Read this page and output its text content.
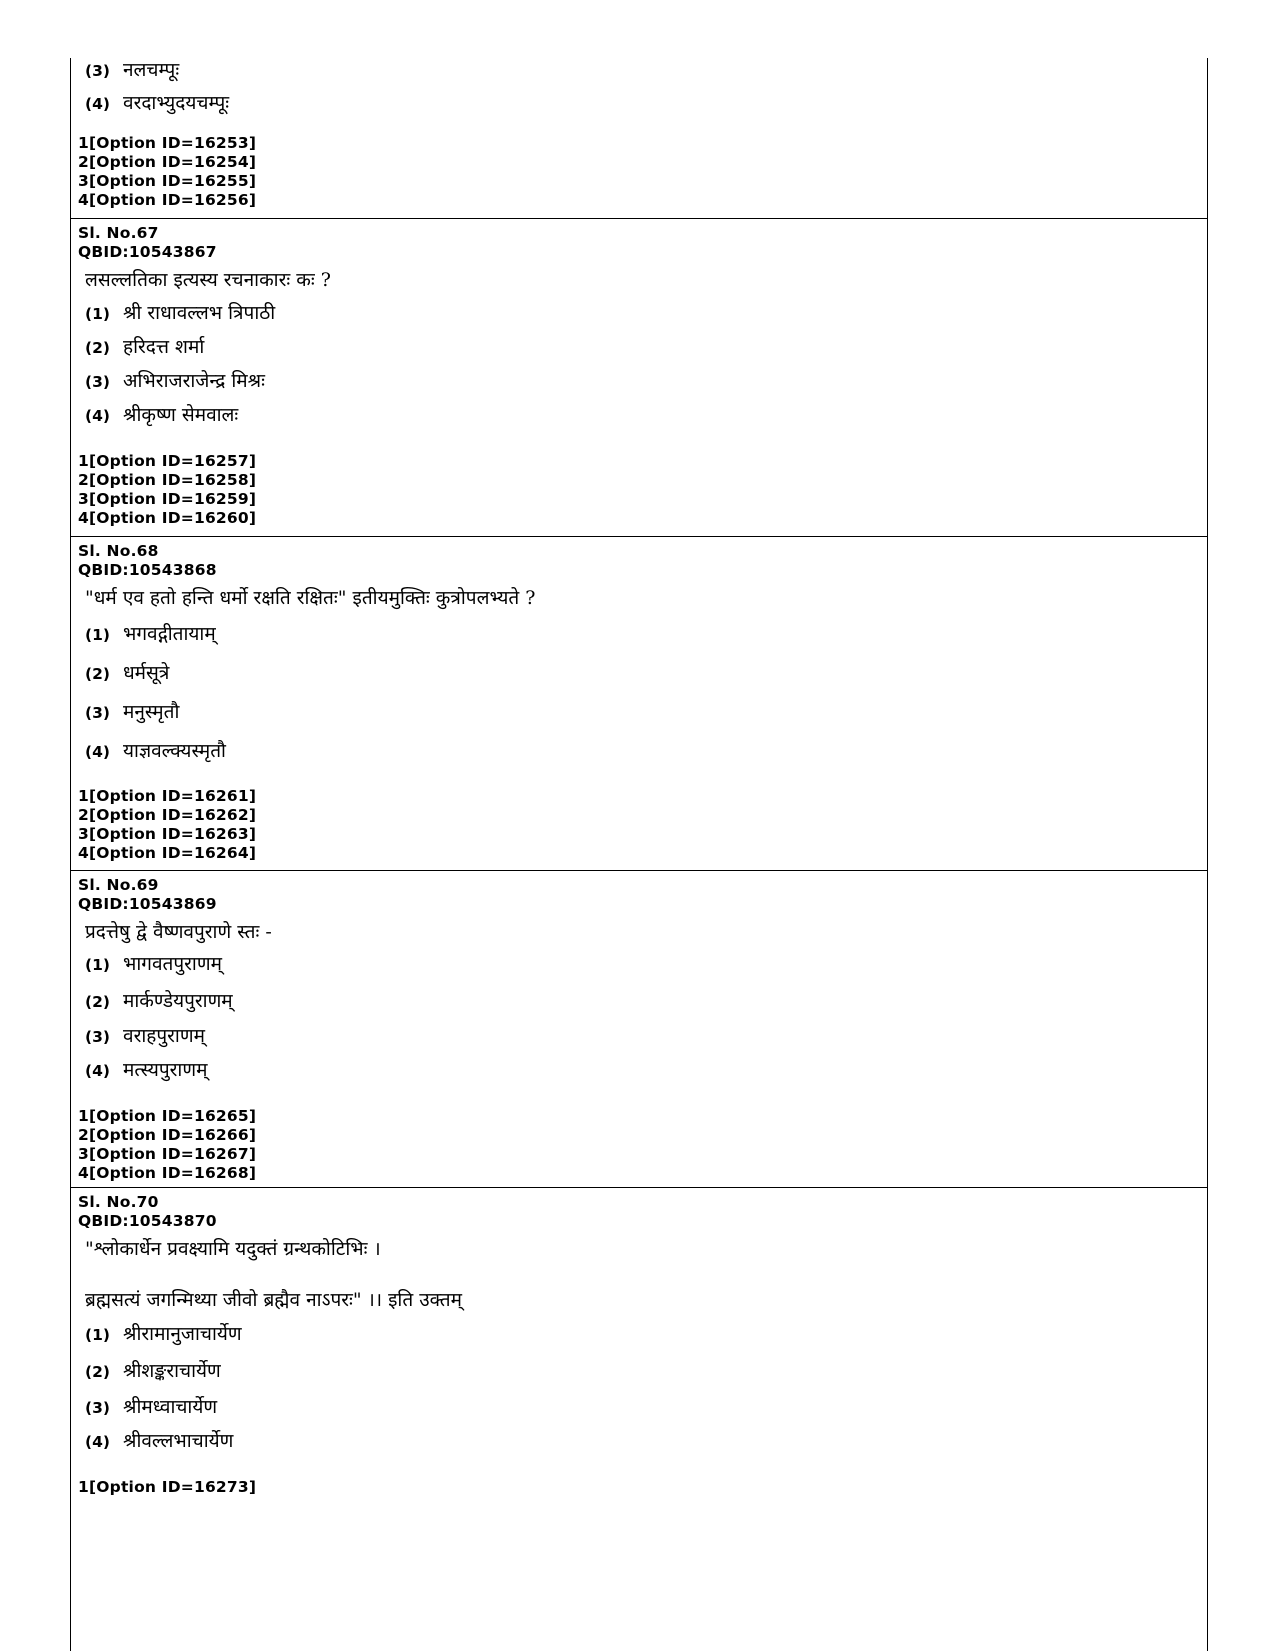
(3) नलचम्पूः
(4) वरदाभ्युदयचम्पूः
1[Option ID=16253]
2[Option ID=16254]
3[Option ID=16255]
4[Option ID=16256]
Sl. No.67
QBID:10543867
लसल्लतिका इत्यस्य रचनाकारः कः ?
(1) श्री राधावल्लभ त्रिपाठी
(2) हरिदत्त शर्मा
(3) अभिराजराजेन्द्र मिश्रः
(4) श्रीकृष्ण सेमवालः
1[Option ID=16257]
2[Option ID=16258]
3[Option ID=16259]
4[Option ID=16260]
Sl. No.68
QBID:10543868
"धर्म एव हतो हन्ति धर्मो रक्षति रक्षितः" इतीयमुक्तिः कुत्रोपलभ्यते ?
(1) भगवद्गीतायाम्
(2) धर्मसूत्रे
(3) मनुस्मृतौ
(4) याज्ञवल्क्यस्मृतौ
1[Option ID=16261]
2[Option ID=16262]
3[Option ID=16263]
4[Option ID=16264]
Sl. No.69
QBID:10543869
प्रदत्तेषु द्वे वैष्णवपुराणे स्तः -
(1) भागवतपुराणम्
(2) मार्कण्डेयपुराणम्
(3) वराहपुराणम्
(4) मत्स्यपुराणम्
1[Option ID=16265]
2[Option ID=16266]
3[Option ID=16267]
4[Option ID=16268]
Sl. No.70
QBID:10543870
"श्लोकार्धेन प्रवक्ष्यामि यदुक्तं ग्रन्थकोटिभिः ।
ब्रह्मसत्यं जगन्मिथ्या जीवो ब्रह्मैव नाऽपरः" ।। इति उक्तम्
(1) श्रीरामानुजाचार्येण
(2) श्रीशङ्कराचार्येण
(3) श्रीमध्वाचार्येण
(4) श्रीवल्लभाचार्येण
1[Option ID=16273]
